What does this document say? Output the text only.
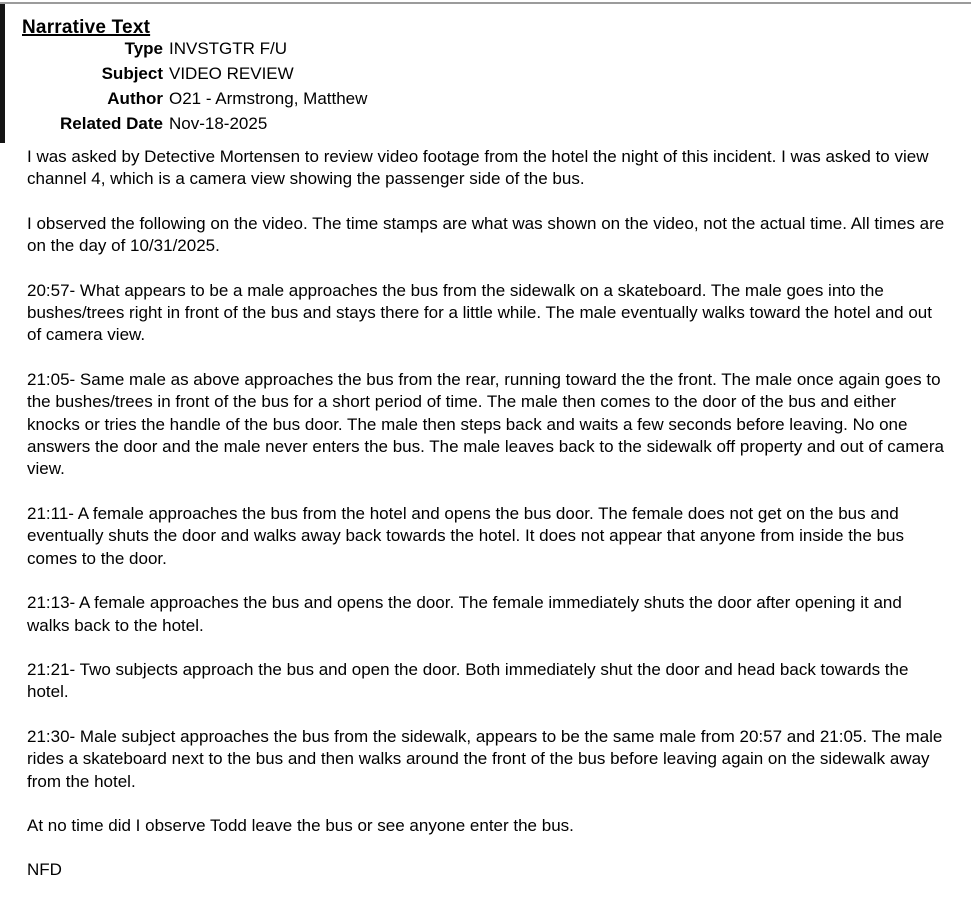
Narrative Text
Type INVSTGTR F/U
Subject VIDEO REVIEW
Author O21 - Armstrong, Matthew
Related Date Nov-18-2025

I was asked by Detective Mortensen to review video footage from the hotel the night of this incident. I was asked to view channel 4, which is a camera view showing the passenger side of the bus.

I observed the following on the video. The time stamps are what was shown on the video, not the actual time. All times are on the day of 10/31/2025.

20:57- What appears to be a male approaches the bus from the sidewalk on a skateboard. The male goes into the bushes/trees right in front of the bus and stays there for a little while. The male eventually walks toward the hotel and out of camera view.

21:05- Same male as above approaches the bus from the rear, running toward the the front. The male once again goes to the bushes/trees in front of the bus for a short period of time. The male then comes to the door of the bus and either knocks or tries the handle of the bus door. The male then steps back and waits a few seconds before leaving. No one answers the door and the male never enters the bus. The male leaves back to the sidewalk off property and out of camera view.

21:11- A female approaches the bus from the hotel and opens the bus door. The female does not get on the bus and eventually shuts the door and walks away back towards the hotel. It does not appear that anyone from inside the bus comes to the door.

21:13- A female approaches the bus and opens the door. The female immediately shuts the door after opening it and walks back to the hotel.

21:21- Two subjects approach the bus and open the door. Both immediately shut the door and head back towards the hotel.

21:30- Male subject approaches the bus from the sidewalk, appears to be the same male from 20:57 and 21:05. The male rides a skateboard next to the bus and then walks around the front of the bus before leaving again on the sidewalk away from the hotel.

At no time did I observe Todd leave the bus or see anyone enter the bus.

NFD
